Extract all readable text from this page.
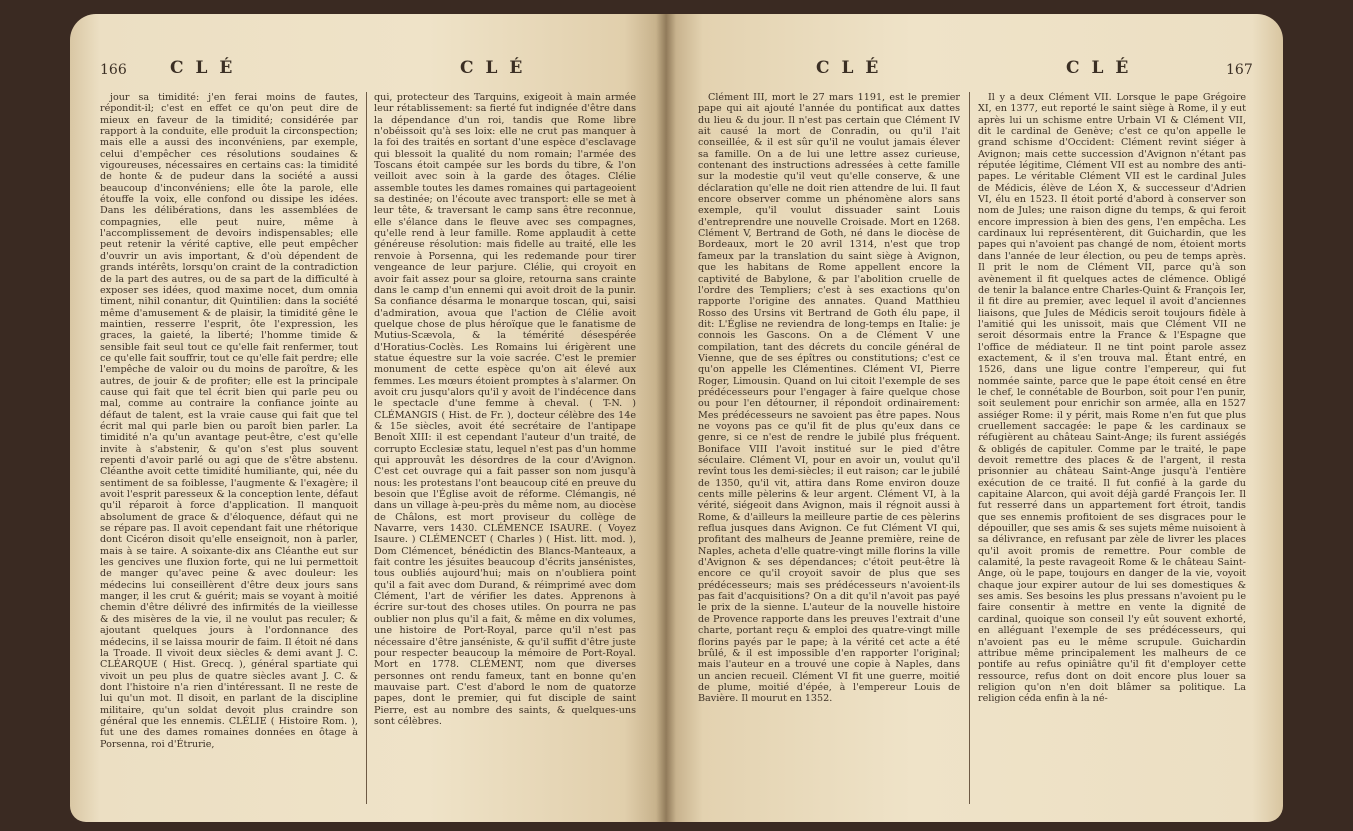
166	C L É	C L É

jour sa timidité: j'en ferai moins de fautes, répondit-il; c'est en effet ce qu'on peut dire de mieux en faveur de la timidité; considérée par rapport à la conduite, elle produit la circonspection; mais elle a aussi des inconvéniens, par exemple, celui d'empêcher ces résolutions soudaines & vigoureuses, nécessaires en certains cas: la timidité de honte & de pudeur dans la société a aussi beaucoup d'inconvéniens; elle ôte la parole, elle étouffe la voix, elle confond ou dissipe les idées. Dans les délibérations, dans les assemblées de compagnies, elle peut nuire, même à l'accomplissement de devoirs indispensables; elle peut retenir la vérité captive, elle peut empêcher d'ouvrir un avis important, & d'où dépendent de grands intérêts, lorsqu'on craint de la contradiction de la part des autres, ou de sa part de la difficulté à exposer ses idées, quod maxime nocet, dum omnia timent, nihil conantur, dit Quintilien: dans la société même d'amusement & de plaisir, la timidité gêne le maintien, resserre l'esprit, ôte l'expression, les graces, la gaieté, la liberté; l'homme timide & sensible fait seul tout ce qu'elle fait renfermer, tout ce qu'elle fait souffrir, tout ce qu'elle fait perdre; elle l'empêche de valoir ou du moins de paroître, & les autres, de jouir & de profiter; elle est la principale cause qui fait que tel écrit bien qui parle peu ou mal, comme au contraire la confiance jointe au défaut de talent, est la vraie cause qui fait que tel écrit mal qui parle bien ou paroît bien parler. La timidité n'a qu'un avantage peut-être, c'est qu'elle invite à s'abstenir, & qu'on s'est plus souvent repenti d'avoir parlé ou agi que de s'être abstenu. Cléanthe avoit cette timidité humiliante, qui, née du sentiment de sa foiblesse, l'augmente & l'exagère; il avoit l'esprit paresseux & la conception lente, défaut qu'il réparoit à force d'application. Il manquoit absolument de grace & d'éloquence, défaut qui ne se répare pas. Il avoit cependant fait une rhétorique dont Cicéron disoit qu'elle enseignoit, non à parler, mais à se taire. A soixante-dix ans Cléanthe eut sur les gencives une fluxion forte, qui ne lui permettoit de manger qu'avec peine & avec douleur: les médecins lui conseillèrent d'être deux jours sans manger, il les crut & guérit; mais se voyant à moitié chemin d'être délivré des infirmités de la vieillesse & des misères de la vie, il ne voulut pas reculer; & ajoutant quelques jours à l'ordonnance des médecins, il se laissa mourir de faim. Il étoit né dans la Troade. Il vivoit deux siècles & demi avant J. C. CLÉARQUE ( Hist. Grecq. ), général spartiate qui vivoit un peu plus de quatre siècles avant J. C. & dont l'histoire n'a rien d'intéressant. Il ne reste de lui qu'un mot. Il disoit, en parlant de la discipline militaire, qu'un soldat devoit plus craindre son général que les ennemis. CLÉLIE ( Histoire Rom. ), fut une des dames romaines données en ôtage à Porsenna, roi d'Étrurie,

qui, protecteur des Tarquins, exigeoit à main armée leur rétablissement: sa fierté fut indignée d'être dans la dépendance d'un roi, tandis que Rome libre n'obéissoit qu'à ses loix: elle ne crut pas manquer à la foi des traités en sortant d'une espèce d'esclavage qui blessoit la qualité du nom romain; l'armée des Toscans étoit campée sur les bords du tibre, & l'on veilloit avec soin à la garde des ôtages. Clélie assemble toutes les dames romaines qui partageoient sa destinée; on l'écoute avec transport: elle se met à leur tête, & traversant le camp sans être reconnue, elle s'élance dans le fleuve avec ses compagnes, qu'elle rend à leur famille. Rome applaudit à cette généreuse résolution: mais fidelle au traité, elle les renvoie à Porsenna, qui les redemande pour tirer vengeance de leur parjure. Clélie, qui croyoit en avoir fait assez pour sa gloire, retourna sans crainte dans le camp d'un ennemi qui avoit droit de la punir. Sa confiance désarma le monarque toscan, qui, saisi d'admiration, avoua que l'action de Clélie avoit quelque chose de plus héroïque que le fanatisme de Mutius-Scævola, & la témérité désespérée d'Horatius-Coclès. Les Romains lui érigèrent une statue équestre sur la voie sacrée. C'est le premier monument de cette espèce qu'on ait élevé aux femmes. Les mœurs étoient promptes à s'alarmer. On avoit cru jusqu'alors qu'il y avoit de l'indécence dans le spectacle d'une femme à cheval. ( T-N. ) CLÉMANGIS ( Hist. de Fr. ), docteur célèbre des 14e & 15e siècles, avoit été secrétaire de l'antipape Benoît XIII: il est cependant l'auteur d'un traité, de corrupto Ecclesiæ statu, lequel n'est pas d'un homme qui approuvât les désordres de la cour d'Avignon. C'est cet ouvrage qui a fait passer son nom jusqu'à nous: les protestans l'ont beaucoup cité en preuve du besoin que l'Église avoit de réforme. Clémangis, né dans un village à-peu-près du même nom, au diocèse de Châlons, est mort proviseur du collège de Navarre, vers 1430. CLÉMENCE ISAURE. ( Voyez Isaure. ) CLÉMENCET ( Charles ) ( Hist. litt. mod. ), Dom Clémencet, bénédictin des Blancs-Manteaux, a fait contre les jésuites beaucoup d'écrits jansénistes, tous oubliés aujourd'hui; mais on n'oubliera point qu'il a fait avec dom Durand, & réimprimé avec dom Clément, l'art de vérifier les dates. Apprenons à écrire sur-tout des choses utiles. On pourra ne pas oublier non plus qu'il a fait, & même en dix volumes, une histoire de Port-Royal, parce qu'il n'est pas nécessaire d'être janséniste, & qu'il suffit d'être juste pour respecter beaucoup la mémoire de Port-Royal. Mort en 1778. CLÉMENT, nom que diverses personnes ont rendu fameux, tant en bonne qu'en mauvaise part. C'est d'abord le nom de quatorze papes, dont le premier, qui fut disciple de saint Pierre, est au nombre des saints, & quelques-uns sont célèbres.

C L É	C L É	167

Clément III, mort le 27 mars 1191, est le premier pape qui ait ajouté l'année du pontificat aux dattes du lieu & du jour. Il n'est pas certain que Clément IV ait causé la mort de Conradin, ou qu'il l'ait conseillée, & il est sûr qu'il ne voulut jamais élever sa famille. On a de lui une lettre assez curieuse, contenant des instructions adressées à cette famille sur la modestie qu'il veut qu'elle conserve, & une déclaration qu'elle ne doit rien attendre de lui. Il faut encore observer comme un phénomène alors sans exemple, qu'il voulut dissuader saint Louis d'entreprendre une nouvelle Croisade. Mort en 1268. Clément V, Bertrand de Goth, né dans le diocèse de Bordeaux, mort le 20 avril 1314, n'est que trop fameux par la translation du saint siège à Avignon, que les habitans de Rome appellent encore la captivité de Babylone, & par l'abolition cruelle de l'ordre des Templiers; c'est à ses exactions qu'on rapporte l'origine des annates. Quand Matthieu Rosso des Ursins vit Bertrand de Goth élu pape, il dit: L'Église ne reviendra de long-temps en Italie: je connois les Gascons. On a de Clément V une compilation, tant des décrets du concile général de Vienne, que de ses épîtres ou constitutions; c'est ce qu'on appelle les Clémentines. Clément VI, Pierre Roger, Limousin. Quand on lui citoit l'exemple de ses prédécesseurs pour l'engager à faire quelque chose ou pour l'en détourner, il répondoit ordinairement: Mes prédécesseurs ne savoient pas être papes. Nous ne voyons pas ce qu'il fit de plus qu'eux dans ce genre, si ce n'est de rendre le jubilé plus fréquent. Boniface VIII l'avoit institué sur le pied d'être séculaire. Clément VI, pour en avoir un, voulut qu'il revînt tous les demi-siècles; il eut raison; car le jubilé de 1350, qu'il vit, attira dans Rome environ douze cents mille pèlerins & leur argent. Clément VI, à la vérité, siégeoit dans Avignon, mais il régnoit aussi à Rome, & d'ailleurs la meilleure partie de ces pèlerins reflua jusques dans Avignon. Ce fut Clément VI qui, profitant des malheurs de Jeanne première, reine de Naples, acheta d'elle quatre-vingt mille florins la ville d'Avignon & ses dépendances; c'étoit peut-être là encore ce qu'il croyoit savoir de plus que ses prédécesseurs; mais ses prédécesseurs n'avoient-ils pas fait d'acquisitions? On a dit qu'il n'avoit pas payé le prix de la sienne. L'auteur de la nouvelle histoire de Provence rapporte dans les preuves l'extrait d'une charte, portant reçu & emploi des quatre-vingt mille florins payés par le pape; à la vérité cet acte a été brûlé, & il est impossible d'en rapporter l'original; mais l'auteur en a trouvé une copie à Naples, dans un ancien recueil. Clément VI fit une guerre, moitié de plume, moitié d'épée, à l'empereur Louis de Bavière. Il mourut en 1352.

Il y a deux Clément VII. Lorsque le pape Grégoire XI, en 1377, eut reporté le saint siège à Rome, il y eut après lui un schisme entre Urbain VI & Clément VII, dit le cardinal de Genève; c'est ce qu'on appelle le grand schisme d'Occident: Clément revint siéger à Avignon; mais cette succession d'Avignon n'étant pas réputée légitime, Clément VII est au nombre des anti-papes. Le véritable Clément VII est le cardinal Jules de Médicis, élève de Léon X, & successeur d'Adrien VI, élu en 1523. Il étoit porté d'abord à conserver son nom de Jules; une raison digne du temps, & qui feroit encore impression à bien des gens, l'en empêcha. Les cardinaux lui représentèrent, dit Guichardin, que les papes qui n'avoient pas changé de nom, étoient morts dans l'année de leur élection, ou peu de temps après. Il prit le nom de Clément VII, parce qu'à son avènement il fit quelques actes de clémence. Obligé de tenir la balance entre Charles-Quint & François Ier, il fit dire au premier, avec lequel il avoit d'anciennes liaisons, que Jules de Médicis seroit toujours fidèle à l'amitié qui les unissoit, mais que Clément VII ne seroit désormais entre la France & l'Espagne que l'office de médiateur. Il ne tint point parole assez exactement, & il s'en trouva mal. Étant entré, en 1526, dans une ligue contre l'empereur, qui fut nommée sainte, parce que le pape étoit censé en être le chef, le connétable de Bourbon, soit pour l'en punir, soit seulement pour enrichir son armée, alla en 1527 assiéger Rome: il y périt, mais Rome n'en fut que plus cruellement saccagée: le pape & les cardinaux se réfugièrent au château Saint-Ange; ils furent assiégés & obligés de capituler. Comme par le traité, le pape devoit remettre des places & de l'argent, il resta prisonnier au château Saint-Ange jusqu'à l'entière exécution de ce traité. Il fut confié à la garde du capitaine Alarcon, qui avoit déjà gardé François Ier. Il fut resserré dans un appartement fort étroit, tandis que ses ennemis profitoient de ses disgraces pour le dépouiller, que ses amis & ses sujets même nuisoient à sa délivrance, en refusant par zèle de livrer les places qu'il avoit promis de remettre. Pour comble de calamité, la peste ravageoit Rome & le château Saint-Ange, où le pape, toujours en danger de la vie, voyoit chaque jour expirer autour de lui ses domestiques & ses amis. Ses besoins les plus pressans n'avoient pu le faire consentir à mettre en vente la dignité de cardinal, quoique son conseil l'y eût souvent exhorté, en alléguant l'exemple de ses prédécesseurs, qui n'avoient pas eu le même scrupule. Guichardin attribue même principalement les malheurs de ce pontife au refus opiniâtre qu'il fit d'employer cette ressource, refus dont on doit encore plus louer sa religion qu'on n'en doit blâmer sa politique. La religion céda enfin à la né-
